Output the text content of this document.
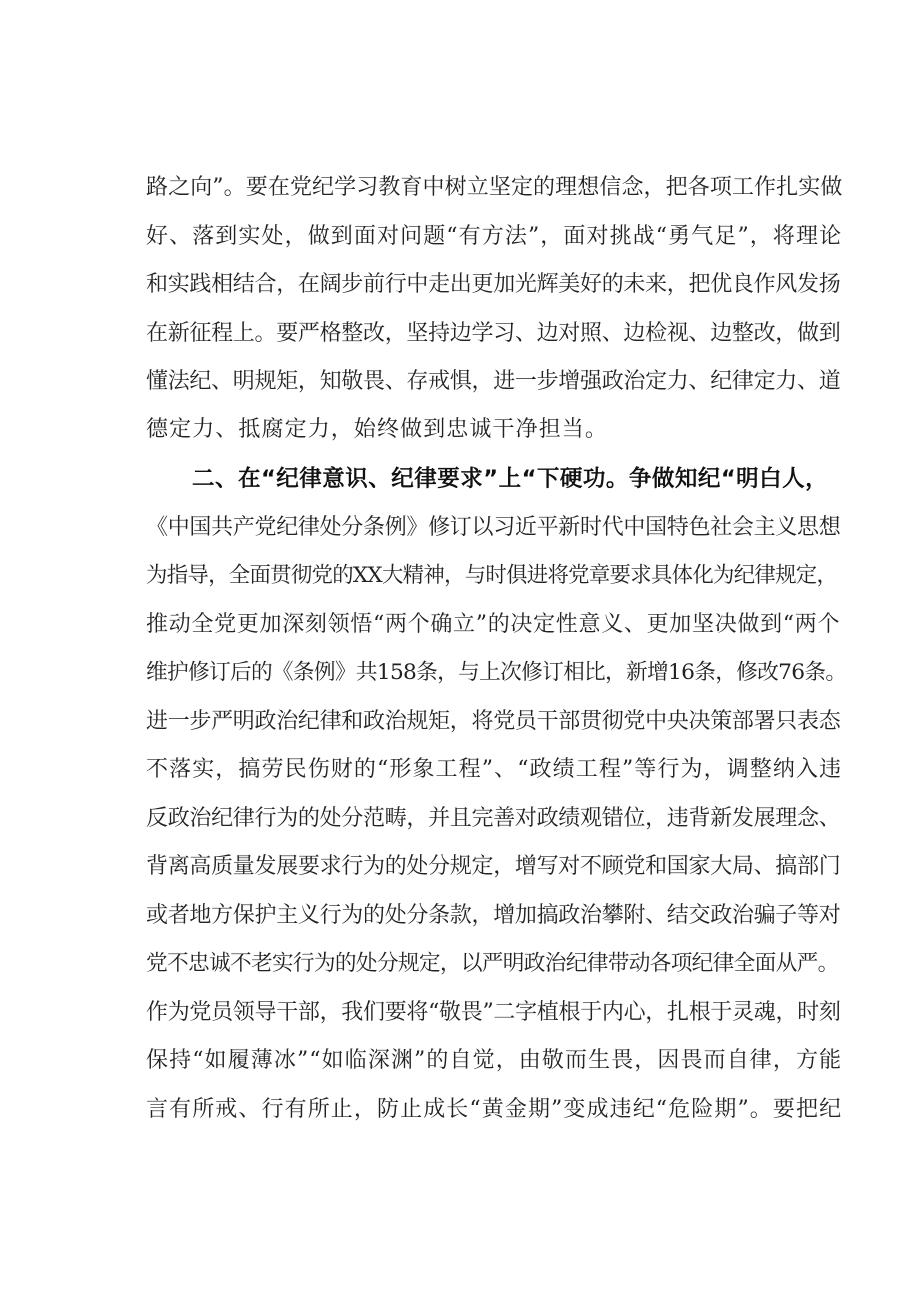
路之向”。要在党纪学习教育中树立坚定的理想信念，把各项工作扎实做
好、落到实处，做到面对问题“有方法”，面对挑战“勇气足”，将理论
和实践相结合，在阔步前行中走出更加光辉美好的未来，把优良作风发扬
在新征程上。要严格整改，坚持边学习、边对照、边检视、边整改，做到
懂法纪、明规矩，知敬畏、存戒惧，进一步增强政治定力、纪律定力、道
德定力、抵腐定力，始终做到忠诚干净担当。
二、在“纪律意识、纪律要求”上“下硬功。争做知纪“明白人，
《中国共产党纪律处分条例》修订以习近平新时代中国特色社会主义思想
为指导，全面贯彻党的XX大精神，与时俱进将党章要求具体化为纪律规定，
推动全党更加深刻领悟“两个确立”的决定性意义、更加坚决做到“两个
维护修订后的《条例》共158条，与上次修订相比，新增16条，修改76条。
进一步严明政治纪律和政治规矩，将党员干部贯彻党中央决策部署只表态
不落实，搞劳民伤财的“形象工程”、“政绩工程”等行为，调整纳入违
反政治纪律行为的处分范畴，并且完善对政绩观错位，违背新发展理念、
背离高质量发展要求行为的处分规定，增写对不顾党和国家大局、搞部门
或者地方保护主义行为的处分条款，增加搞政治攀附、结交政治骗子等对
党不忠诚不老实行为的处分规定，以严明政治纪律带动各项纪律全面从严。
作为党员领导干部，我们要将“敬畏”二字植根于内心，扎根于灵魂，时刻
保持“如履薄冰”“如临深渊”的自觉，由敬而生畏，因畏而自律，方能
言有所戒、行有所止，防止成长“黄金期”变成违纪“危险期”。要把纪
